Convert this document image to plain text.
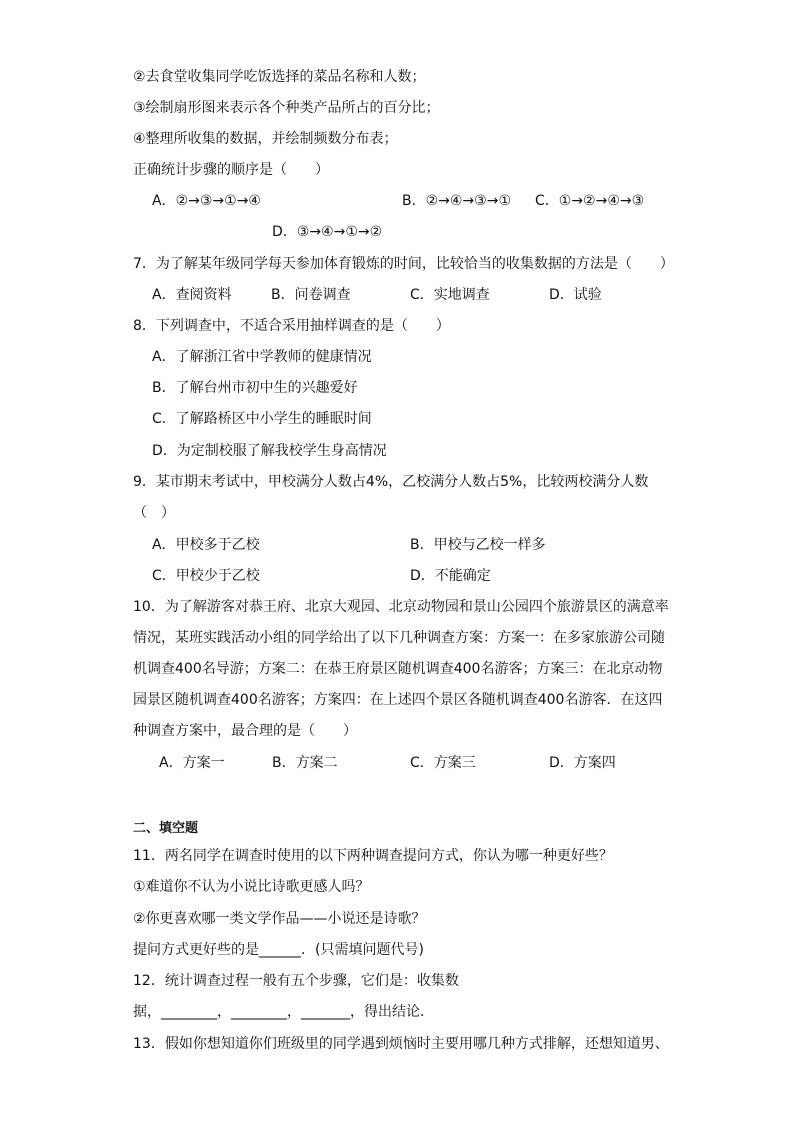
②去食堂收集同学吃饭选择的菜品名称和人数；
③绘制扇形图来表示各个种类产品所占的百分比；
④整理所收集的数据，并绘制频数分布表；
正确统计步骤的顺序是（　　）
A．②→③→①→④	B．②→④→③→① C．①→②→④→③
D．③→④→①→②
7．为了解某年级同学每天参加体育锻炼的时间，比较恰当的收集数据的方法是（　　）
A．查阅资料	B．问卷调查	C．实地调查	D．试验
8．下列调查中，不适合采用抽样调查的是（　　）
A．了解浙江省中学教师的健康情况
B．了解台州市初中生的兴趣爱好
C．了解路桥区中小学生的睡眠时间
D．为定制校服了解我校学生身高情况
9．某市期末考试中，甲校满分人数占4%，乙校满分人数占5%，比较两校满分人数
（　）
A．甲校多于乙校	B．甲校与乙校一样多
C．甲校少于乙校	D．不能确定
10．为了解游客对恭王府、北京大观园、北京动物园和景山公园四个旅游景区的满意率
情况，某班实践活动小组的同学给出了以下几种调查方案：方案一：在多家旅游公司随
机调查400名导游；方案二：在恭王府景区随机调查400名游客；方案三：在北京动物
园景区随机调查400名游客；方案四：在上述四个景区各随机调查400名游客．在这四
种调查方案中，最合理的是（　　）
A．方案一	B．方案二	C．方案三	D．方案四
二、填空题
11．两名同学在调查时使用的以下两种调查提问方式，你认为哪一种更好些？
①难道你不认为小说比诗歌更感人吗？
②你更喜欢哪一类文学作品——小说还是诗歌？
提问方式更好些的是______．(只需填问题代号)
12．统计调查过程一般有五个步骤，它们是：收集数
据，________，________，_______，得出结论．
13．假如你想知道你们班级里的同学遇到烦恼时主要用哪几种方式排解，还想知道男、
